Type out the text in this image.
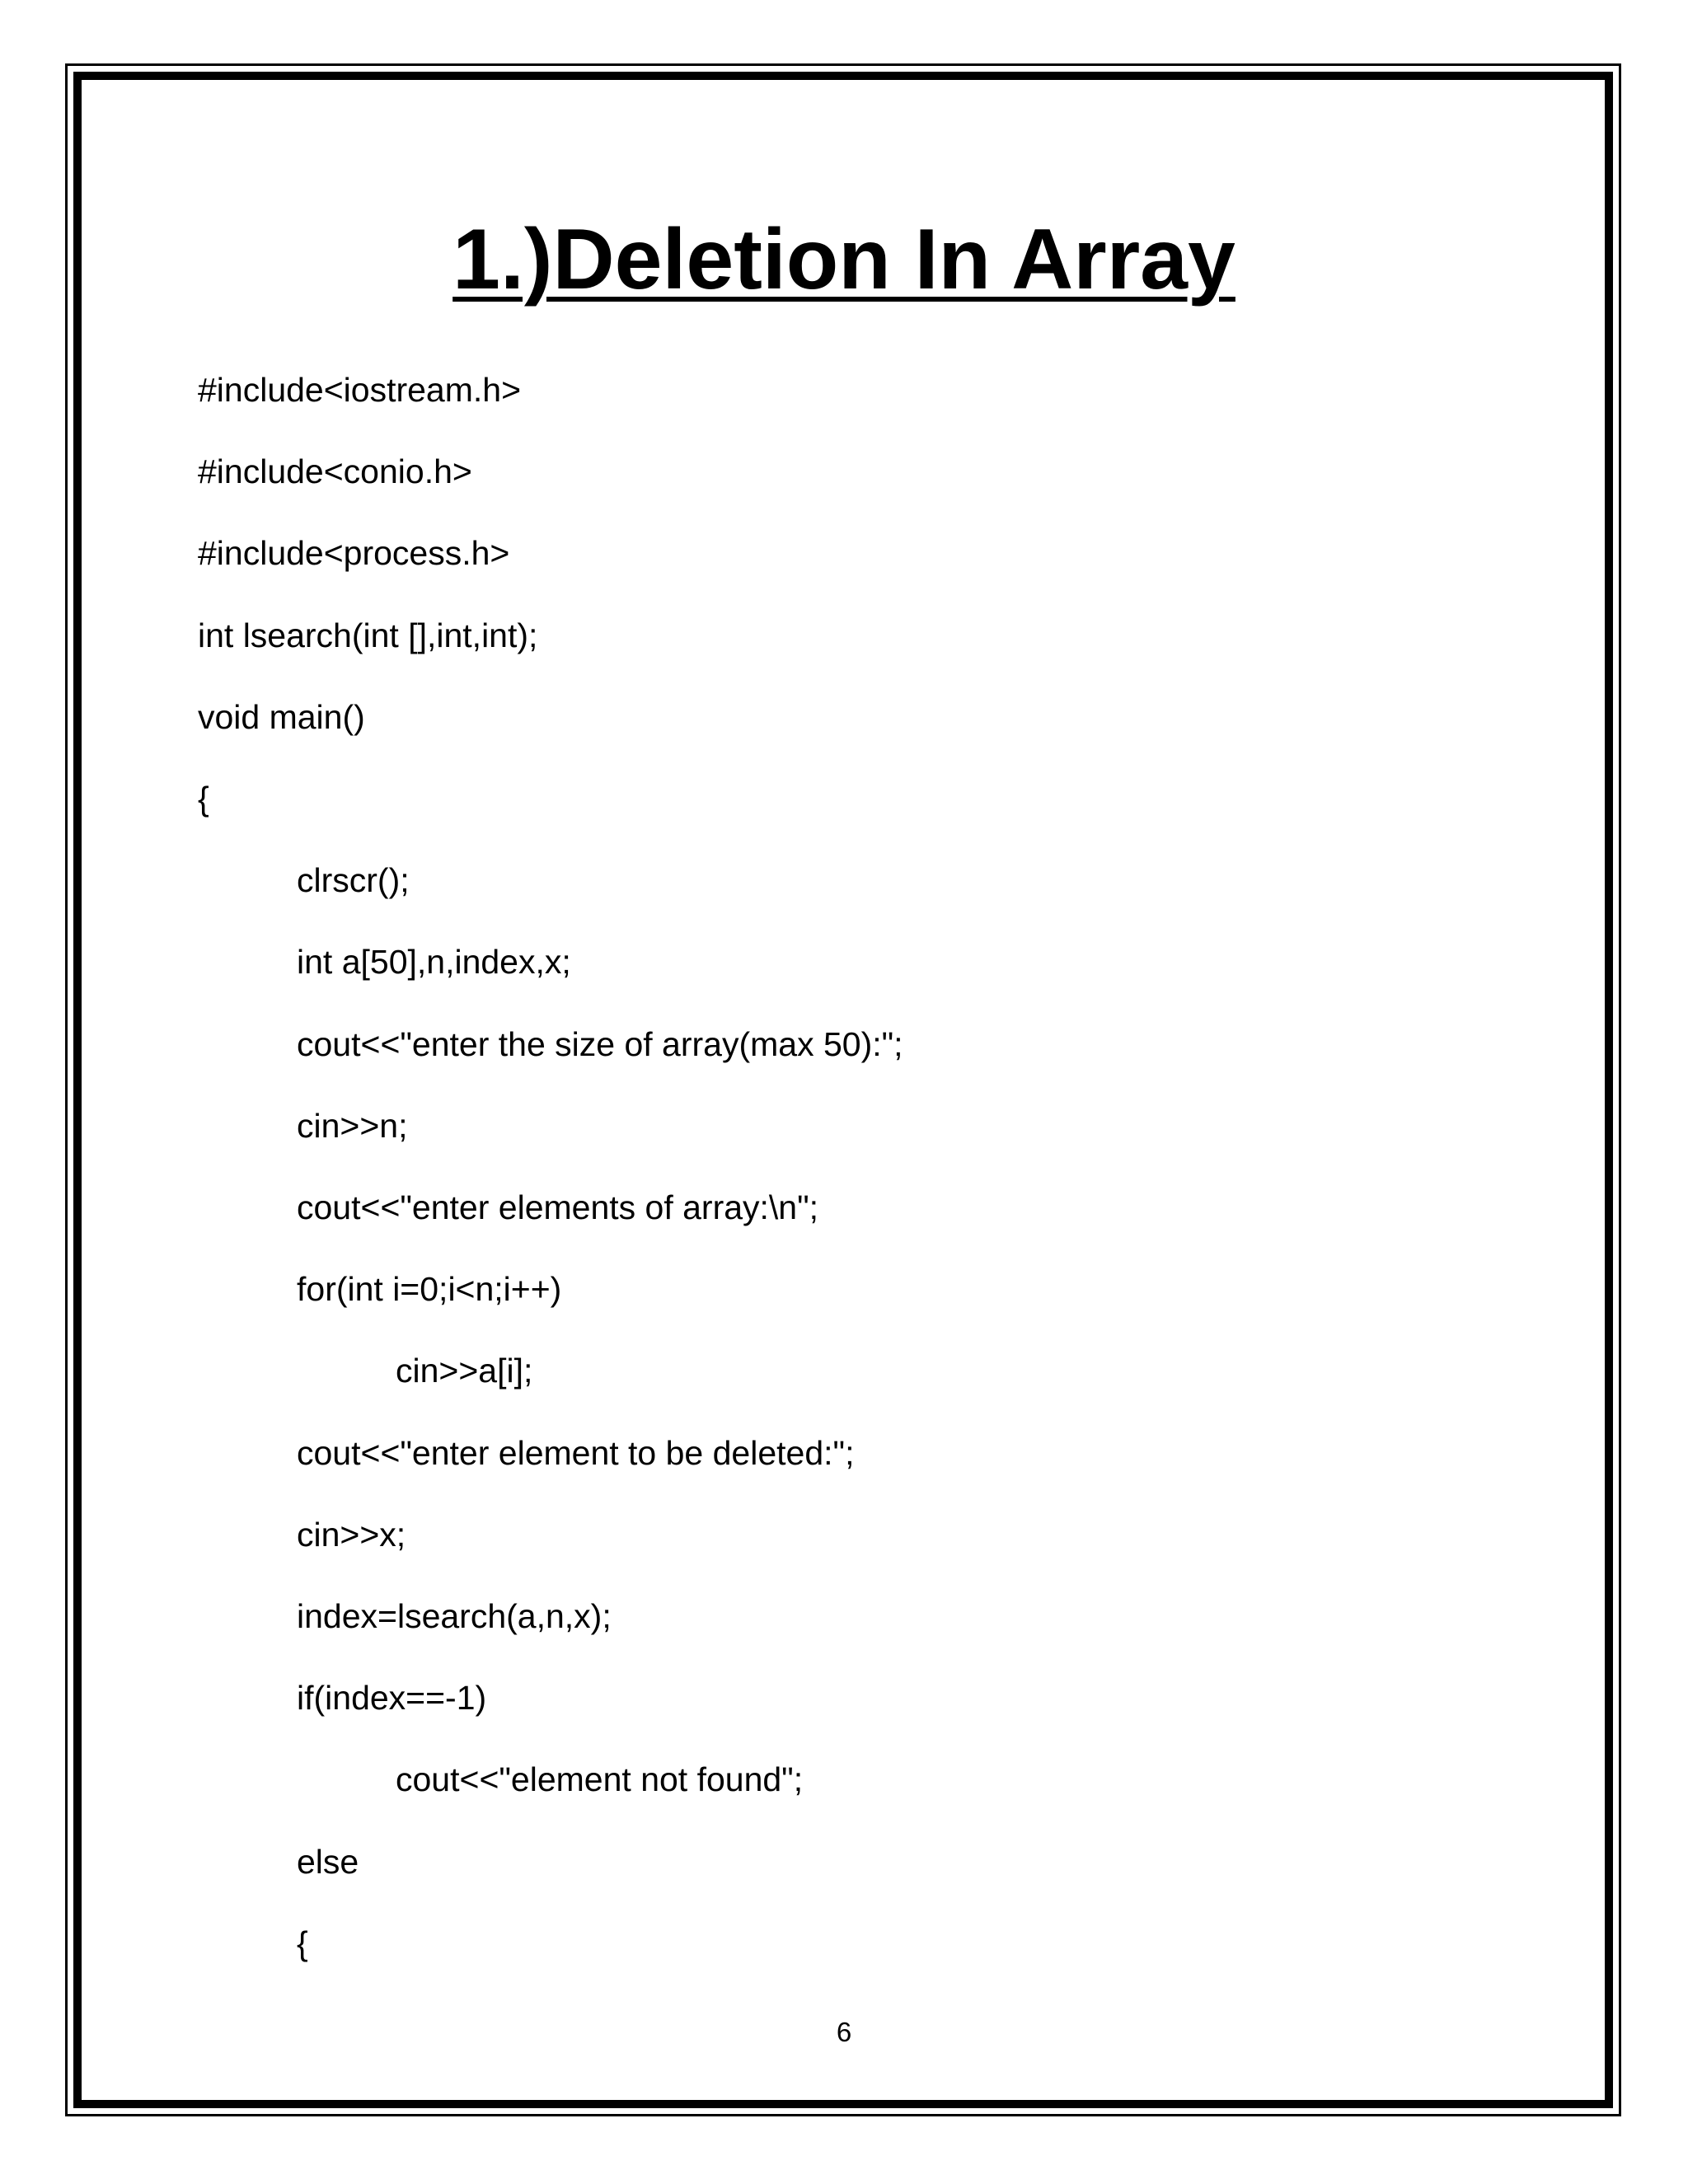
1.)Deletion In Array
#include<iostream.h>
#include<conio.h>
#include<process.h>
int lsearch(int [],int,int);
void main()
{
clrscr();
int a[50],n,index,x;
cout<<"enter the size of array(max 50):";
cin>>n;
cout<<"enter elements of array:\n";
for(int i=0;i<n;i++)
cin>>a[i];
cout<<"enter element to be deleted:";
cin>>x;
index=lsearch(a,n,x);
if(index==-1)
cout<<"element not found";
else
{
6
